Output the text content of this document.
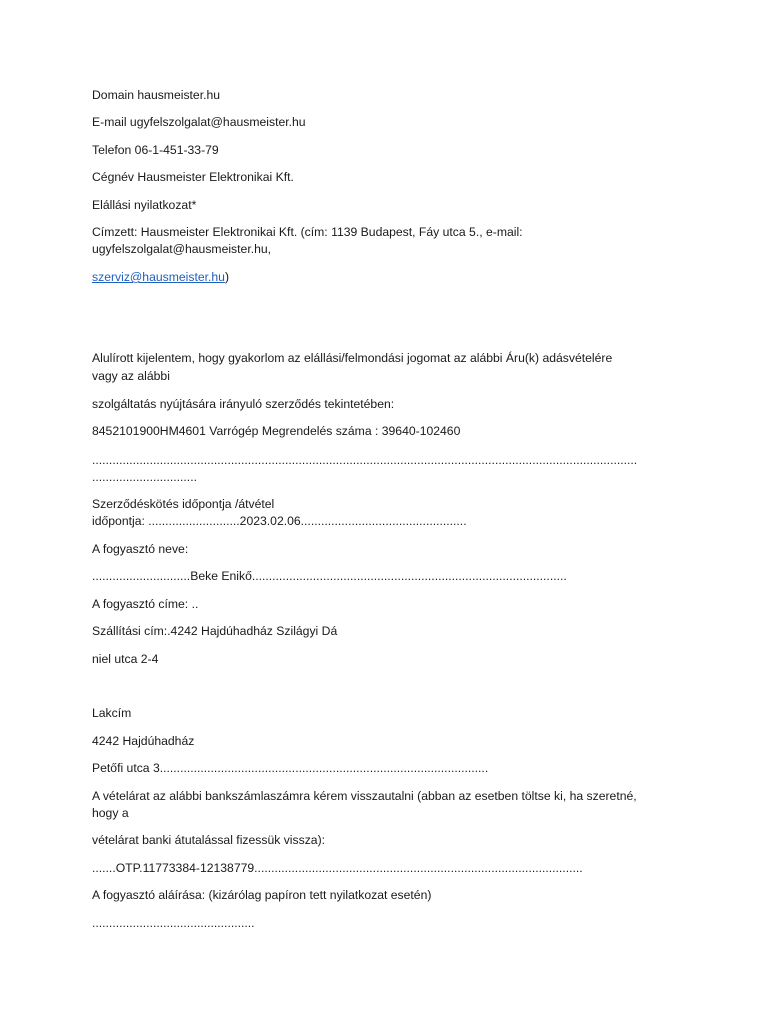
Domain hausmeister.hu
E-mail ugyfelszolgalat@hausmeister.hu
Telefon 06-1-451-33-79
Cégnév Hausmeister Elektronikai Kft.
Elállási nyilatkozat*
Címzett: Hausmeister Elektronikai Kft. (cím: 1139 Budapest, Fáy utca 5., e-mail:
ugyfelszolgalat@hausmeister.hu,
szerviz@hausmeister.hu)
Alulírott kijelentem, hogy gyakorlom az elállási/felmondási jogomat az alábbi Áru(k) adásvételére
vagy az alábbi
szolgáltatás nyújtására irányuló szerződés tekintetében:
8452101900HM4601 Varrógép Megrendelés száma : 39640-102460
.................................................................................................................................................................
...............................
Szerződéskötés időpontja /átvétel
időpontja: ...........................2023.02.06.................................................
A fogyasztó neve:
.............................Beke Enikő.............................................................................................
A fogyasztó címe: ..
Szállítási cím:.4242 Hajdúhadház Szilágyi Dá
niel utca 2-4
Lakcím
4242 Hajdúhadház
Petőfi utca 3.................................................................................................
A vételárat az alábbi bankszámlaszámra kérem visszautalni (abban az esetben töltse ki, ha szeretné,
hogy a
vételárat banki átutalással fizessük vissza):
.......OTP.11773384-12138779.................................................................................................
A fogyasztó aláírása: (kizárólag papíron tett nyilatkozat esetén)
................................................
